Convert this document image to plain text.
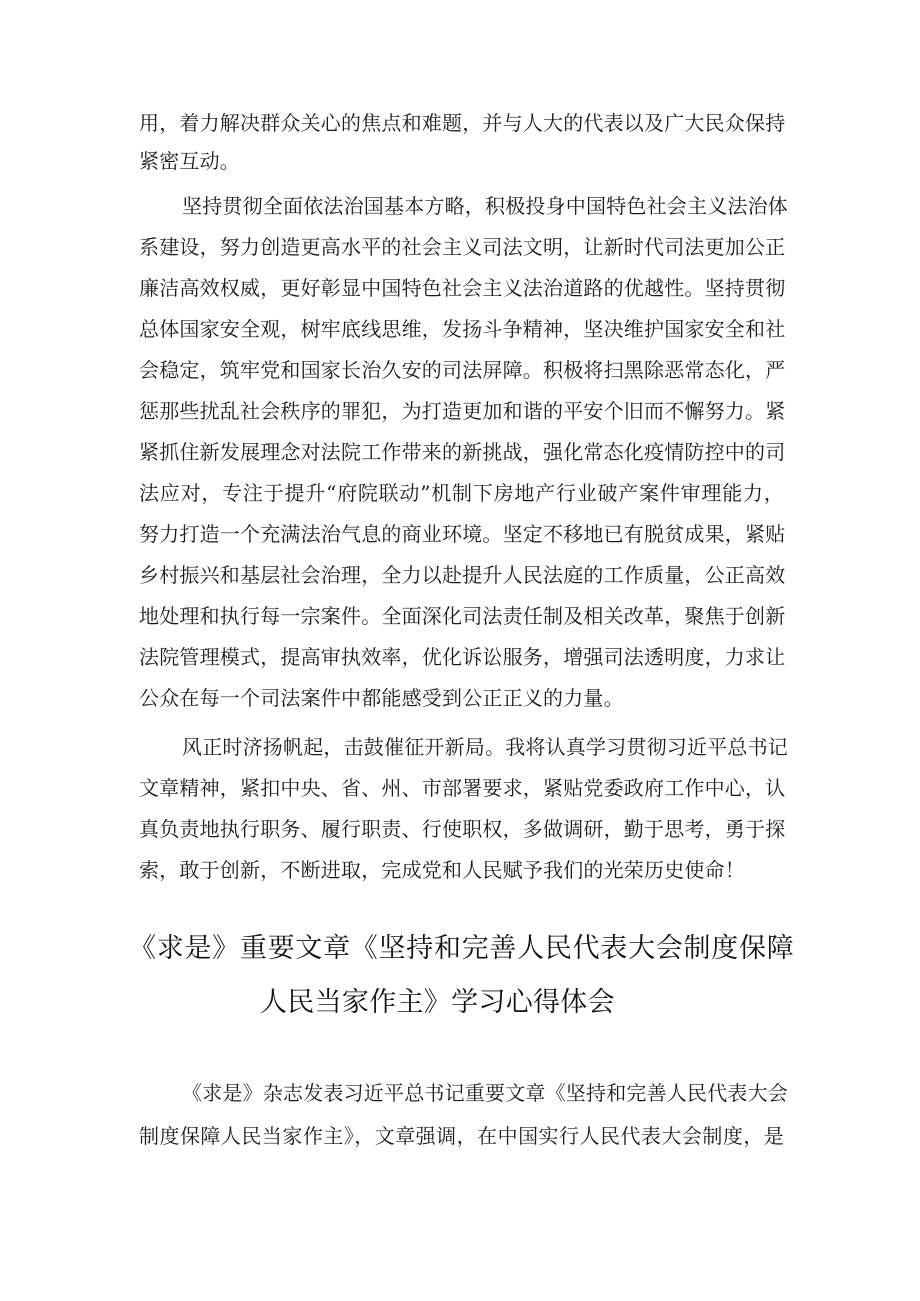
用，着力解决群众关心的焦点和难题，并与人大的代表以及广大民众保持
紧密互动。
坚持贯彻全面依法治国基本方略，积极投身中国特色社会主义法治体
系建设，努力创造更高水平的社会主义司法文明，让新时代司法更加公正
廉洁高效权威，更好彰显中国特色社会主义法治道路的优越性。坚持贯彻
总体国家安全观，树牢底线思维，发扬斗争精神，坚决维护国家安全和社
会稳定，筑牢党和国家长治久安的司法屏障。积极将扫黑除恶常态化，严
惩那些扰乱社会秩序的罪犯，为打造更加和谐的平安个旧而不懈努力。紧
紧抓住新发展理念对法院工作带来的新挑战，强化常态化疫情防控中的司
法应对，专注于提升“府院联动”机制下房地产行业破产案件审理能力，
努力打造一个充满法治气息的商业环境。坚定不移地已有脱贫成果，紧贴
乡村振兴和基层社会治理，全力以赴提升人民法庭的工作质量，公正高效
地处理和执行每一宗案件。全面深化司法责任制及相关改革，聚焦于创新
法院管理模式，提高审执效率，优化诉讼服务，增强司法透明度，力求让
公众在每一个司法案件中都能感受到公正正义的力量。
风正时济扬帆起，击鼓催征开新局。我将认真学习贯彻习近平总书记
文章精神，紧扣中央、省、州、市部署要求，紧贴党委政府工作中心，认
真负责地执行职务、履行职责、行使职权，多做调研，勤于思考，勇于探
索，敢于创新，不断进取，完成党和人民赋予我们的光荣历史使命！
《求是》重要文章《坚持和完善人民代表大会制度保障
人民当家作主》学习心得体会
《求是》杂志发表习近平总书记重要文章《坚持和完善人民代表大会
制度保障人民当家作主》，文章强调，在中国实行人民代表大会制度，是
